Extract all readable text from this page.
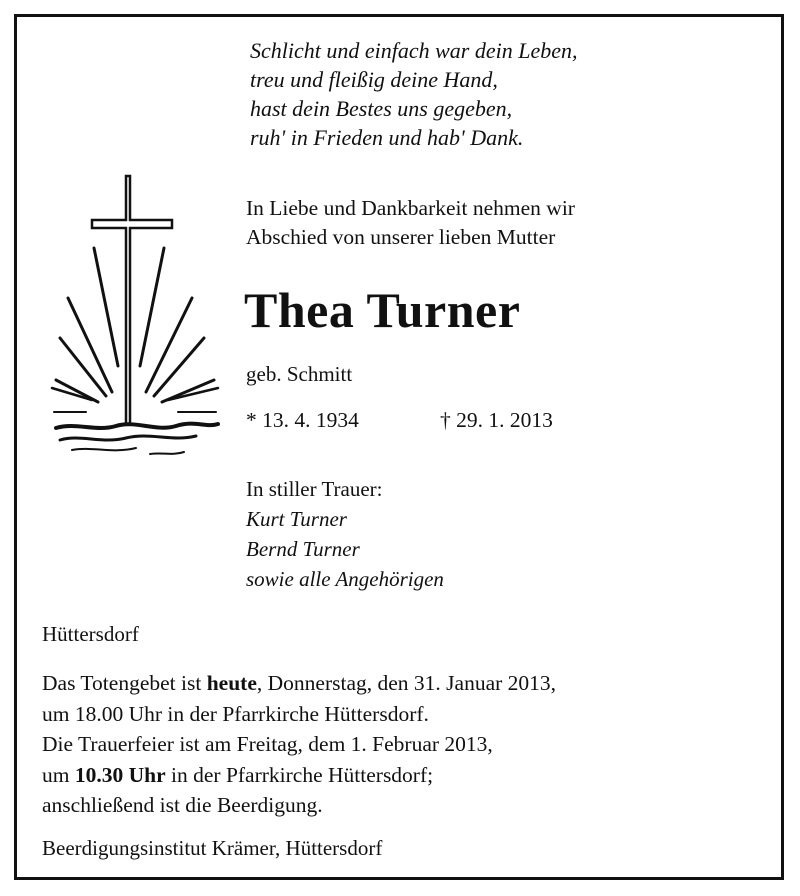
Schlicht und einfach war dein Leben,
treu und fleißig deine Hand,
hast dein Bestes uns gegeben,
ruh' in Frieden und hab' Dank.
In Liebe und Dankbarkeit nehmen wir
Abschied von unserer lieben Mutter
Thea Turner
geb. Schmitt
* 13. 4. 1934	† 29. 1. 2013
In stiller Trauer:
Kurt Turner
Bernd Turner
sowie alle Angehörigen
Hüttersdorf
Das Totengebet ist heute, Donnerstag, den 31. Januar 2013,
um 18.00 Uhr in der Pfarrkirche Hüttersdorf.
Die Trauerfeier ist am Freitag, dem 1. Februar 2013,
um 10.30 Uhr in der Pfarrkirche Hüttersdorf;
anschließend ist die Beerdigung.
Beerdigungsinstitut Krämer, Hüttersdorf
